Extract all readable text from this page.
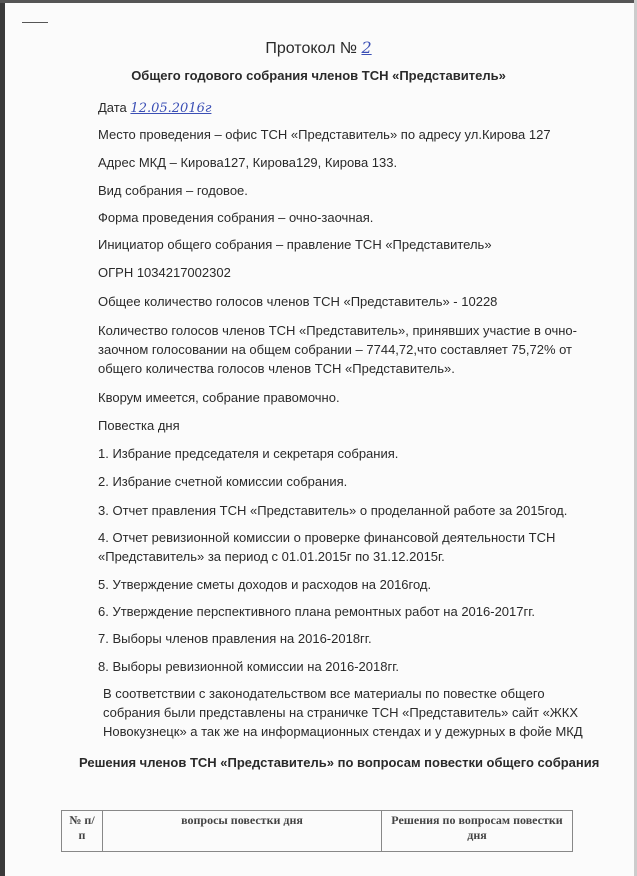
Протокол № 2
Общего годового собрания членов ТСН «Представитель»
Дата 12.05.2016г
Место проведения – офис ТСН «Представитель» по адресу ул.Кирова 127
Адрес МКД – Кирова127, Кирова129, Кирова 133.
Вид собрания – годовое.
Форма проведения собрания – очно-заочная.
Инициатор общего собрания – правление ТСН «Представитель»
ОГРН 1034217002302
Общее количество голосов членов ТСН «Представитель» - 10228
Количество голосов членов ТСН «Представитель», принявших участие в очно-
заочном голосовании на общем собрании – 7744,72,что составляет 75,72% от
общего количества голосов членов ТСН «Представитель».
Кворум имеется, собрание правомочно.
Повестка дня
1. Избрание председателя и секретаря собрания.
2. Избрание счетной комиссии собрания.
3. Отчет правления ТСН «Представитель» о проделанной работе за 2015год.
4. Отчет ревизионной комиссии о проверке финансовой деятельности ТСН
«Представитель» за период с 01.01.2015г по 31.12.2015г.
5. Утверждение сметы доходов и расходов на 2016год.
6. Утверждение перспективного плана ремонтных работ на 2016-2017гг.
7. Выборы членов правления на 2016-2018гг.
8. Выборы ревизионной комиссии на 2016-2018гг.
В соответствии с законодательством все материалы по повестке общего
собрания были представлены на страничке ТСН «Представитель» сайт «ЖКХ
Новокузнецк» а так же на информационных стендах и у дежурных в фойе МКД
Решения членов ТСН «Представитель» по вопросам повестки общего собрания
№ п/п	вопросы повестки дня	Решения по вопросам повестки дня
